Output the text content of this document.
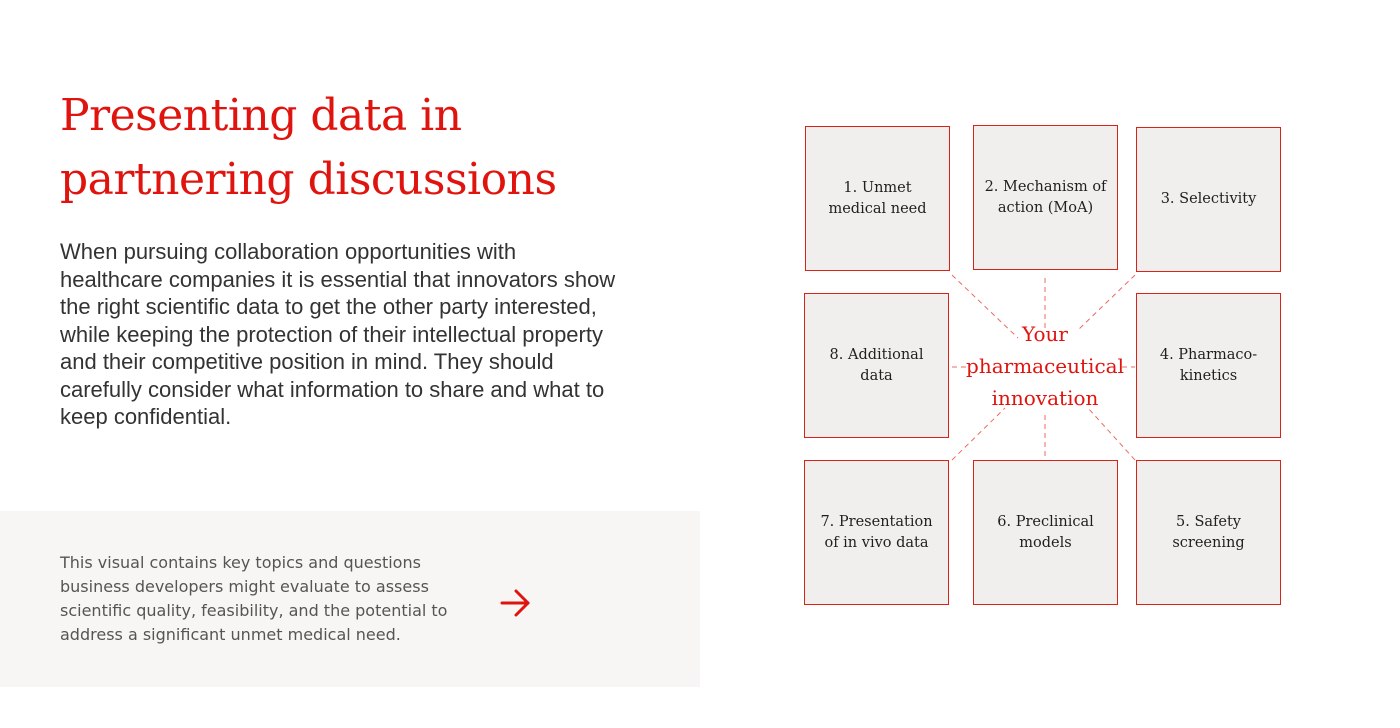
Presenting data in partnering discussions

When pursuing collaboration opportunities with healthcare companies it is essential that innovators show the right scientific data to get the other party interested, while keeping the protection of their intellectual property and their competitive position in mind. They should carefully consider what information to share and what to keep confidential.

This visual contains key topics and questions business developers might evaluate to assess scientific quality, feasibility, and the potential to address a significant unmet medical need.

1. Unmet medical need
2. Mechanism of action (MoA)
3. Selectivity
4. Pharmaco-kinetics
5. Safety screening
6. Preclinical models
7. Presentation of in vivo data
8. Additional data
Your pharmaceutical innovation
